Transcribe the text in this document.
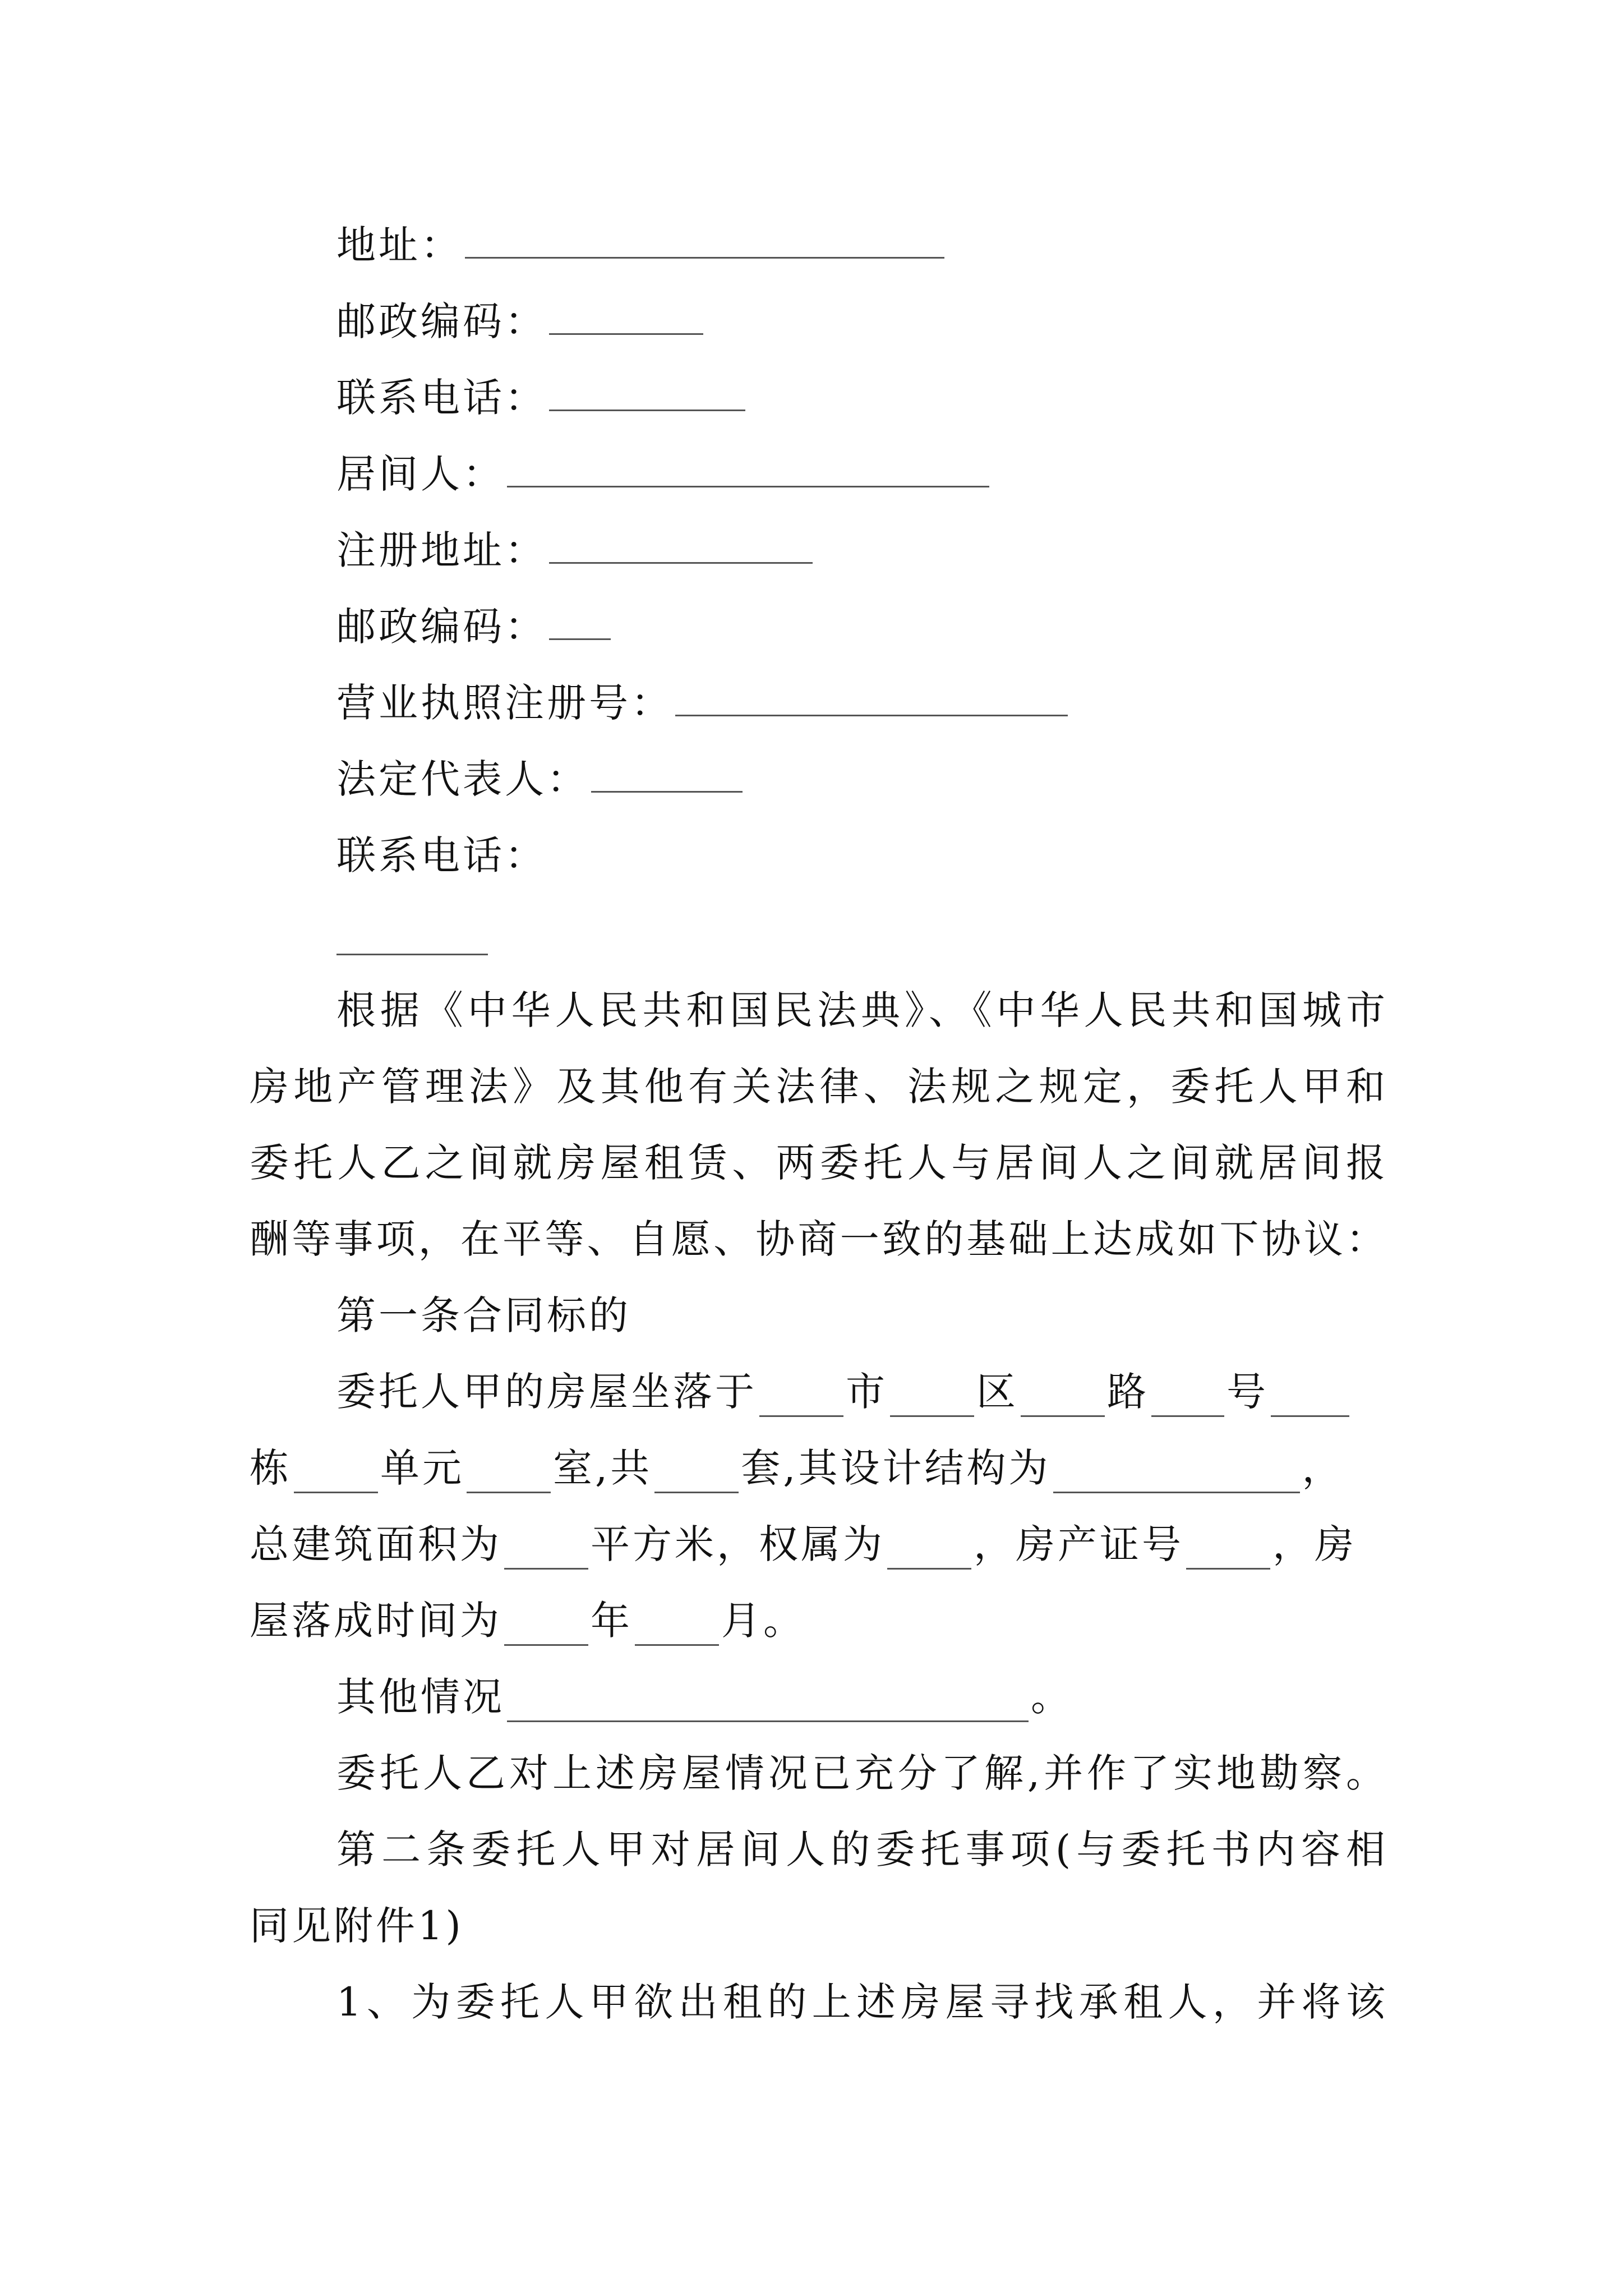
地址：
邮政编码：
联系电话：
居间人：
注册地址：
邮政编码：
营业执照注册号：
法定代表人：
联系电话：
根据《中华人民共和国民法典》、《中华人民共和国城市
房地产管理法》及其他有关法律、法规之规定，委托人甲和
委托人乙之间就房屋租赁、两委托人与居间人之间就居间报
酬等事项，在平等、自愿、协商一致的基础上达成如下协议：
第一条合同标的
委托人甲的房屋坐落于 市 区 路 号
栋 单元 室 ,共 套 ,其设计结构为	，
总建筑面积为 平方米，权属为 ，房产证号 ，房
屋落成时间为 年 月。
其他情况	。
委托人乙对上述房屋情况已充分了解,并作了实地勘察。
第二条委托人甲对居间人的委托事项(与委托书内容相
同见附件1)
1、为委托人甲欲出租的上述房屋寻找承租人，并将该
